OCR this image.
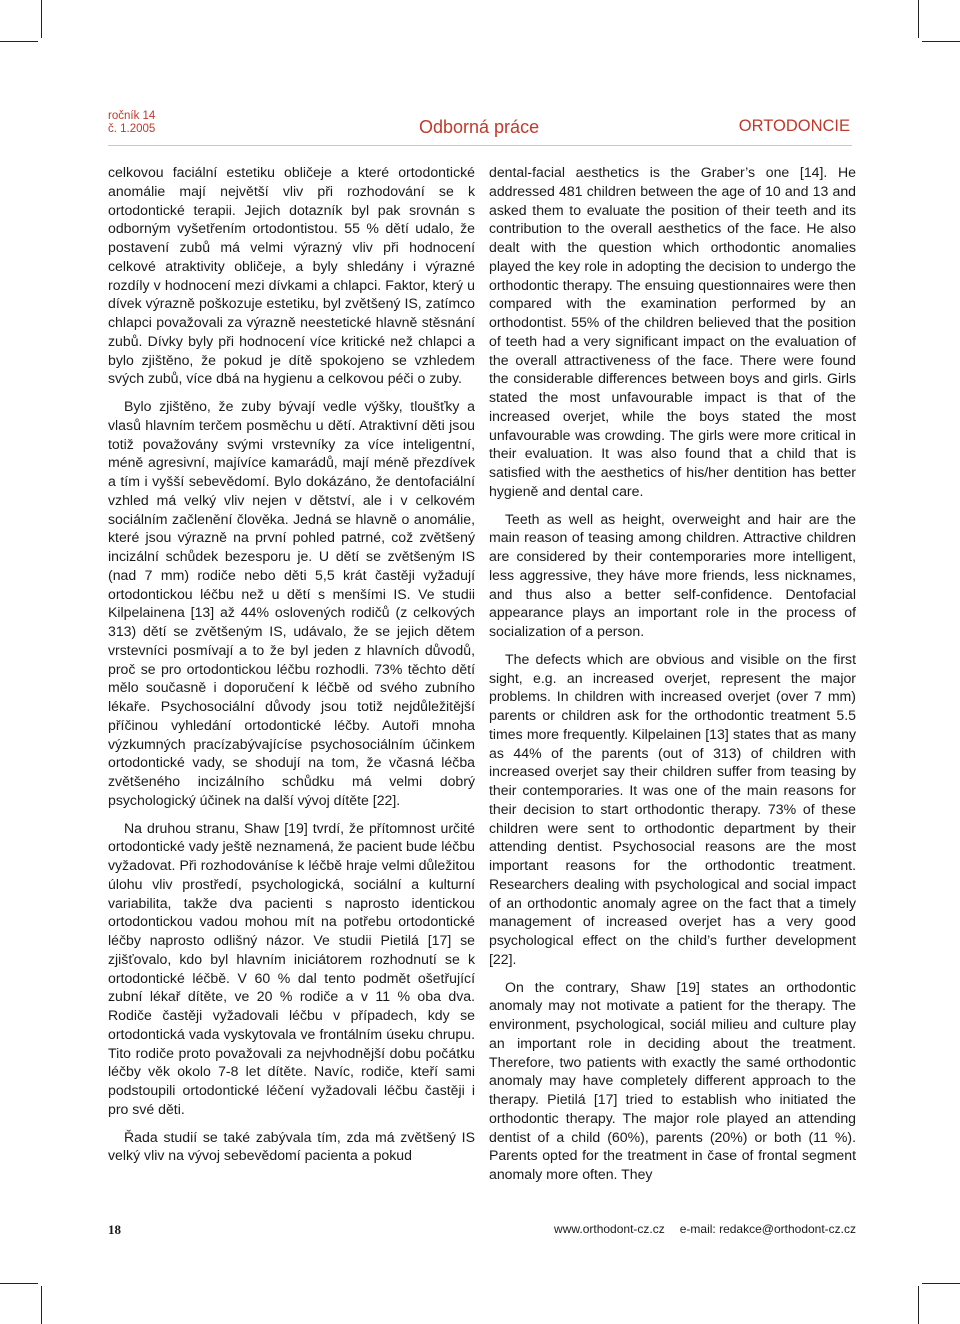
ročník 14
č. 1.2005	Odborná práce	ORTODONCIE

celkovou faciální estetiku obličeje a které ortodontické anomálie mají největší vliv při rozhodování se k ortodontické terapii. Jejich dotazník byl pak srovnán s odborným vyšetřením ortodontistou. 55 % dětí udalo, že postavení zubů má velmi výrazný vliv při hodnocení celkové atraktivity obličeje, a byly shledány i výrazné rozdíly v hodnocení mezi dívkami a chlapci. Faktor, který u dívek výrazně poškozuje estetiku, byl zvětšený IS, zatímco chlapci považovali za výrazně neestetické hlavně stěsnání zubů. Dívky byly při hodnocení více kritické než chlapci a bylo zjištěno, že pokud je dítě spokojeno se vzhledem svých zubů, více dbá na hygienu a celkovou péči o zuby.

Bylo zjištěno, že zuby bývají vedle výšky, tloušťky a vlasů hlavním terčem posměchu u dětí. Atraktivní děti jsou totiž považovány svými vrstevníky za více inteligentní, méně agresivní, majívíce kamarádů, mají méně přezdívek a tím i vyšší sebevědomí. Bylo dokázáno, že dentofaciální vzhled má velký vliv nejen v dětství, ale i v celkovém sociálním začlenění člověka. Jedná se hlavně o anomálie, které jsou výrazně na první pohled patrné, což zvětšený incizální schůdek bezesporu je. U dětí se zvětšeným IS (nad 7 mm) rodiče nebo děti 5,5 krát častěji vyžadují ortodontickou léčbu než u dětí s menšími IS. Ve studii Kilpelainena [13] až 44% oslovených rodičů (z celkových 313) dětí se zvětšeným IS, udávalo, že se jejich dětem vrstevníci posmívají a to že byl jeden z hlavních důvodů, proč se pro ortodontickou léčbu rozhodli. 73% těchto dětí mělo současně i doporučení k léčbě od svého zubního lékaře. Psychosociální důvody jsou totiž nejdůležitější příčinou vyhledání ortodontické léčby. Autoři mnoha výzkumných pracízabývajícíse psychosociálním účinkem ortodontické vady, se shodují na tom, že včasná léčba zvětšeného incizálního schůdku má velmi dobrý psychologický účinek na další vývoj dítěte [22].

Na druhou stranu, Shaw [19] tvrdí, že přítomnost určité ortodontické vady ještě neznamená, že pacient bude léčbu vyžadovat. Při rozhodováníse k léčbě hraje velmi důležitou úlohu vliv prostředí, psychologická, sociální a kulturní variabilita, takže dva pacienti s naprosto identickou ortodontickou vadou mohou mít na potřebu ortodontické léčby naprosto odlišný názor. Ve studii Pietilá [17] se zjišťovalo, kdo byl hlavním iniciátorem rozhodnutí se k ortodontické léčbě. V 60 % dal tento podmět ošetřující zubní lékař dítěte, ve 20 % rodiče a v 11 % oba dva. Rodiče častěji vyžadovali léčbu v případech, kdy se ortodontická vada vyskytovala ve frontálním úseku chrupu. Tito rodiče proto považovali za nejvhodnější dobu počátku léčby věk okolo 7-8 let dítěte. Navíc, rodiče, kteří sami podstoupili ortodontické léčení vyžadovali léčbu častěji i pro své děti.

Řada studií se také zabývala tím, zda má zvětšený IS velký vliv na vývoj sebevědomí pacienta a pokud

dental-facial aesthetics is the Graber’s one [14]. He addressed 481 children between the age of 10 and 13 and asked them to evaluate the position of their teeth and its contribution to the overall aesthetics of the face. He also dealt with the question which orthodontic anomalies played the key role in adopting the decision to undergo the orthodontic therapy. The ensuing questionnaires were then compared with the examination performed by an orthodontist. 55% of the children believed that the position of teeth had a very significant impact on the evaluation of the overall attractiveness of the face. There were found the considerable differences between boys and girls. Girls stated the most unfavourable impact is that of the increased overjet, while the boys stated the most unfavourable was crowding. The girls were more critical in their evaluation. It was also found that a child that is satisfied with the aesthetics of his/her dentition has better hygieně and dental care.

Teeth as well as height, overweight and hair are the main reason of teasing among children. Attractive children are considered by their contemporaries more intelligent, less aggressive, they háve more friends, less nicknames, and thus also a better self-confidence. Dentofacial appearance plays an important role in the process of socialization of a person.

The defects which are obvious and visible on the first sight, e.g. an increased overjet, represent the major problems. In children with increased overjet (over 7 mm) parents or children ask for the orthodontic treatment 5.5 times more frequently. Kilpelainen [13] states that as many as 44% of the parents (out of 313) of children with increased overjet say their children suffer from teasing by their contemporaries. It was one of the main reasons for their decision to start orthodontic therapy. 73% of these children were sent to orthodontic department by their attending dentist. Psychosocial reasons are the most important reasons for the orthodontic treatment. Researchers dealing with psychological and social impact of an orthodontic anomaly agree on the fact that a timely management of increased overjet has a very good psychological effect on the child’s further development [22].

On the contrary, Shaw [19] states an orthodontic anomaly may not motivate a patient for the therapy. The environment, psychological, sociál milieu and culture play an important role in deciding about the treatment. Therefore, two patients with exactly the samé orthodontic anomaly may have completely different approach to the therapy. Pietilá [17] tried to establish who initiated the orthodontic therapy. The major role played an attending dentist of a child (60%), parents (20%) or both (11 %). Parents opted for the treatment in čase of frontal segment anomaly more often. They

18	www.orthodont-cz.cz e-mail: redakce@orthodont-cz.cz
